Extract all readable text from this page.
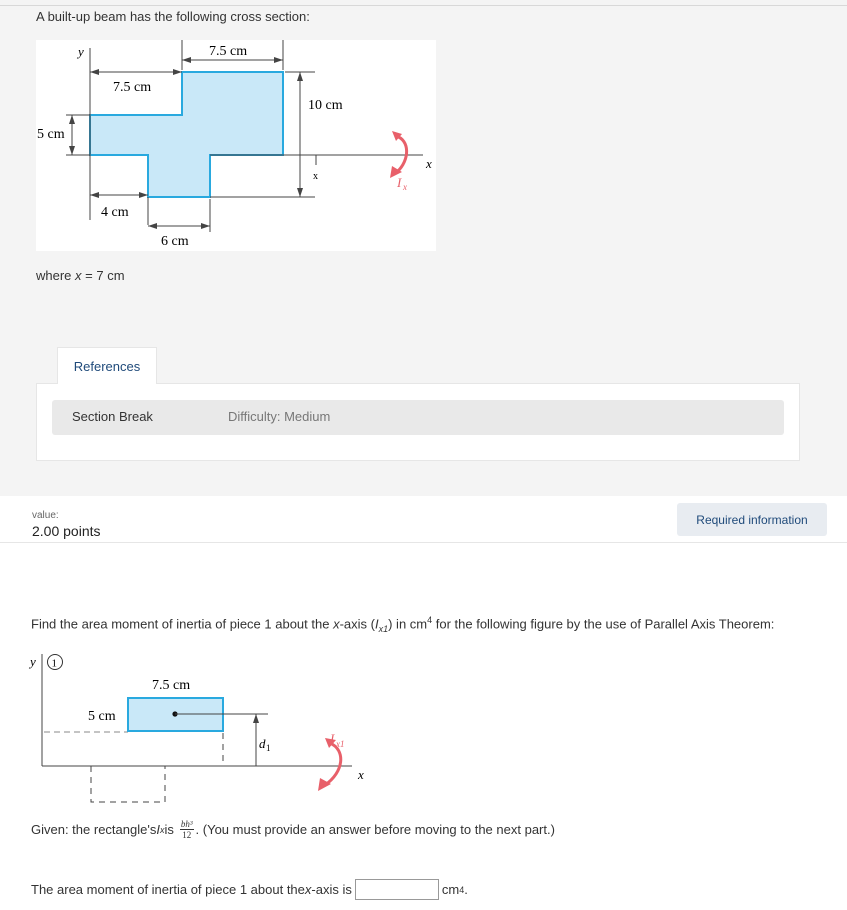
A built-up beam has the following cross section:
y
x
7.5 cm
7.5 cm
10 cm
x
5 cm
4 cm
6 cm
I x
where x = 7 cm
References
Section Break	Difficulty: Medium
value:
2.00 points
Required information
Find the area moment of inertia of piece 1 about the x-axis $(I_{x1})$ in $cm^4$ for the following figure by the use of Parallel Axis Theorem:
y 1
x
7.5 cm
5 cm
d 1
I x1
Given: the rectangle's I x is $\frac{\text{bh³}}{12}$ . (You must provide an answer before moving to the next part.)
The area moment of inertia of piece 1 about the x -axis is	cm 4 .
